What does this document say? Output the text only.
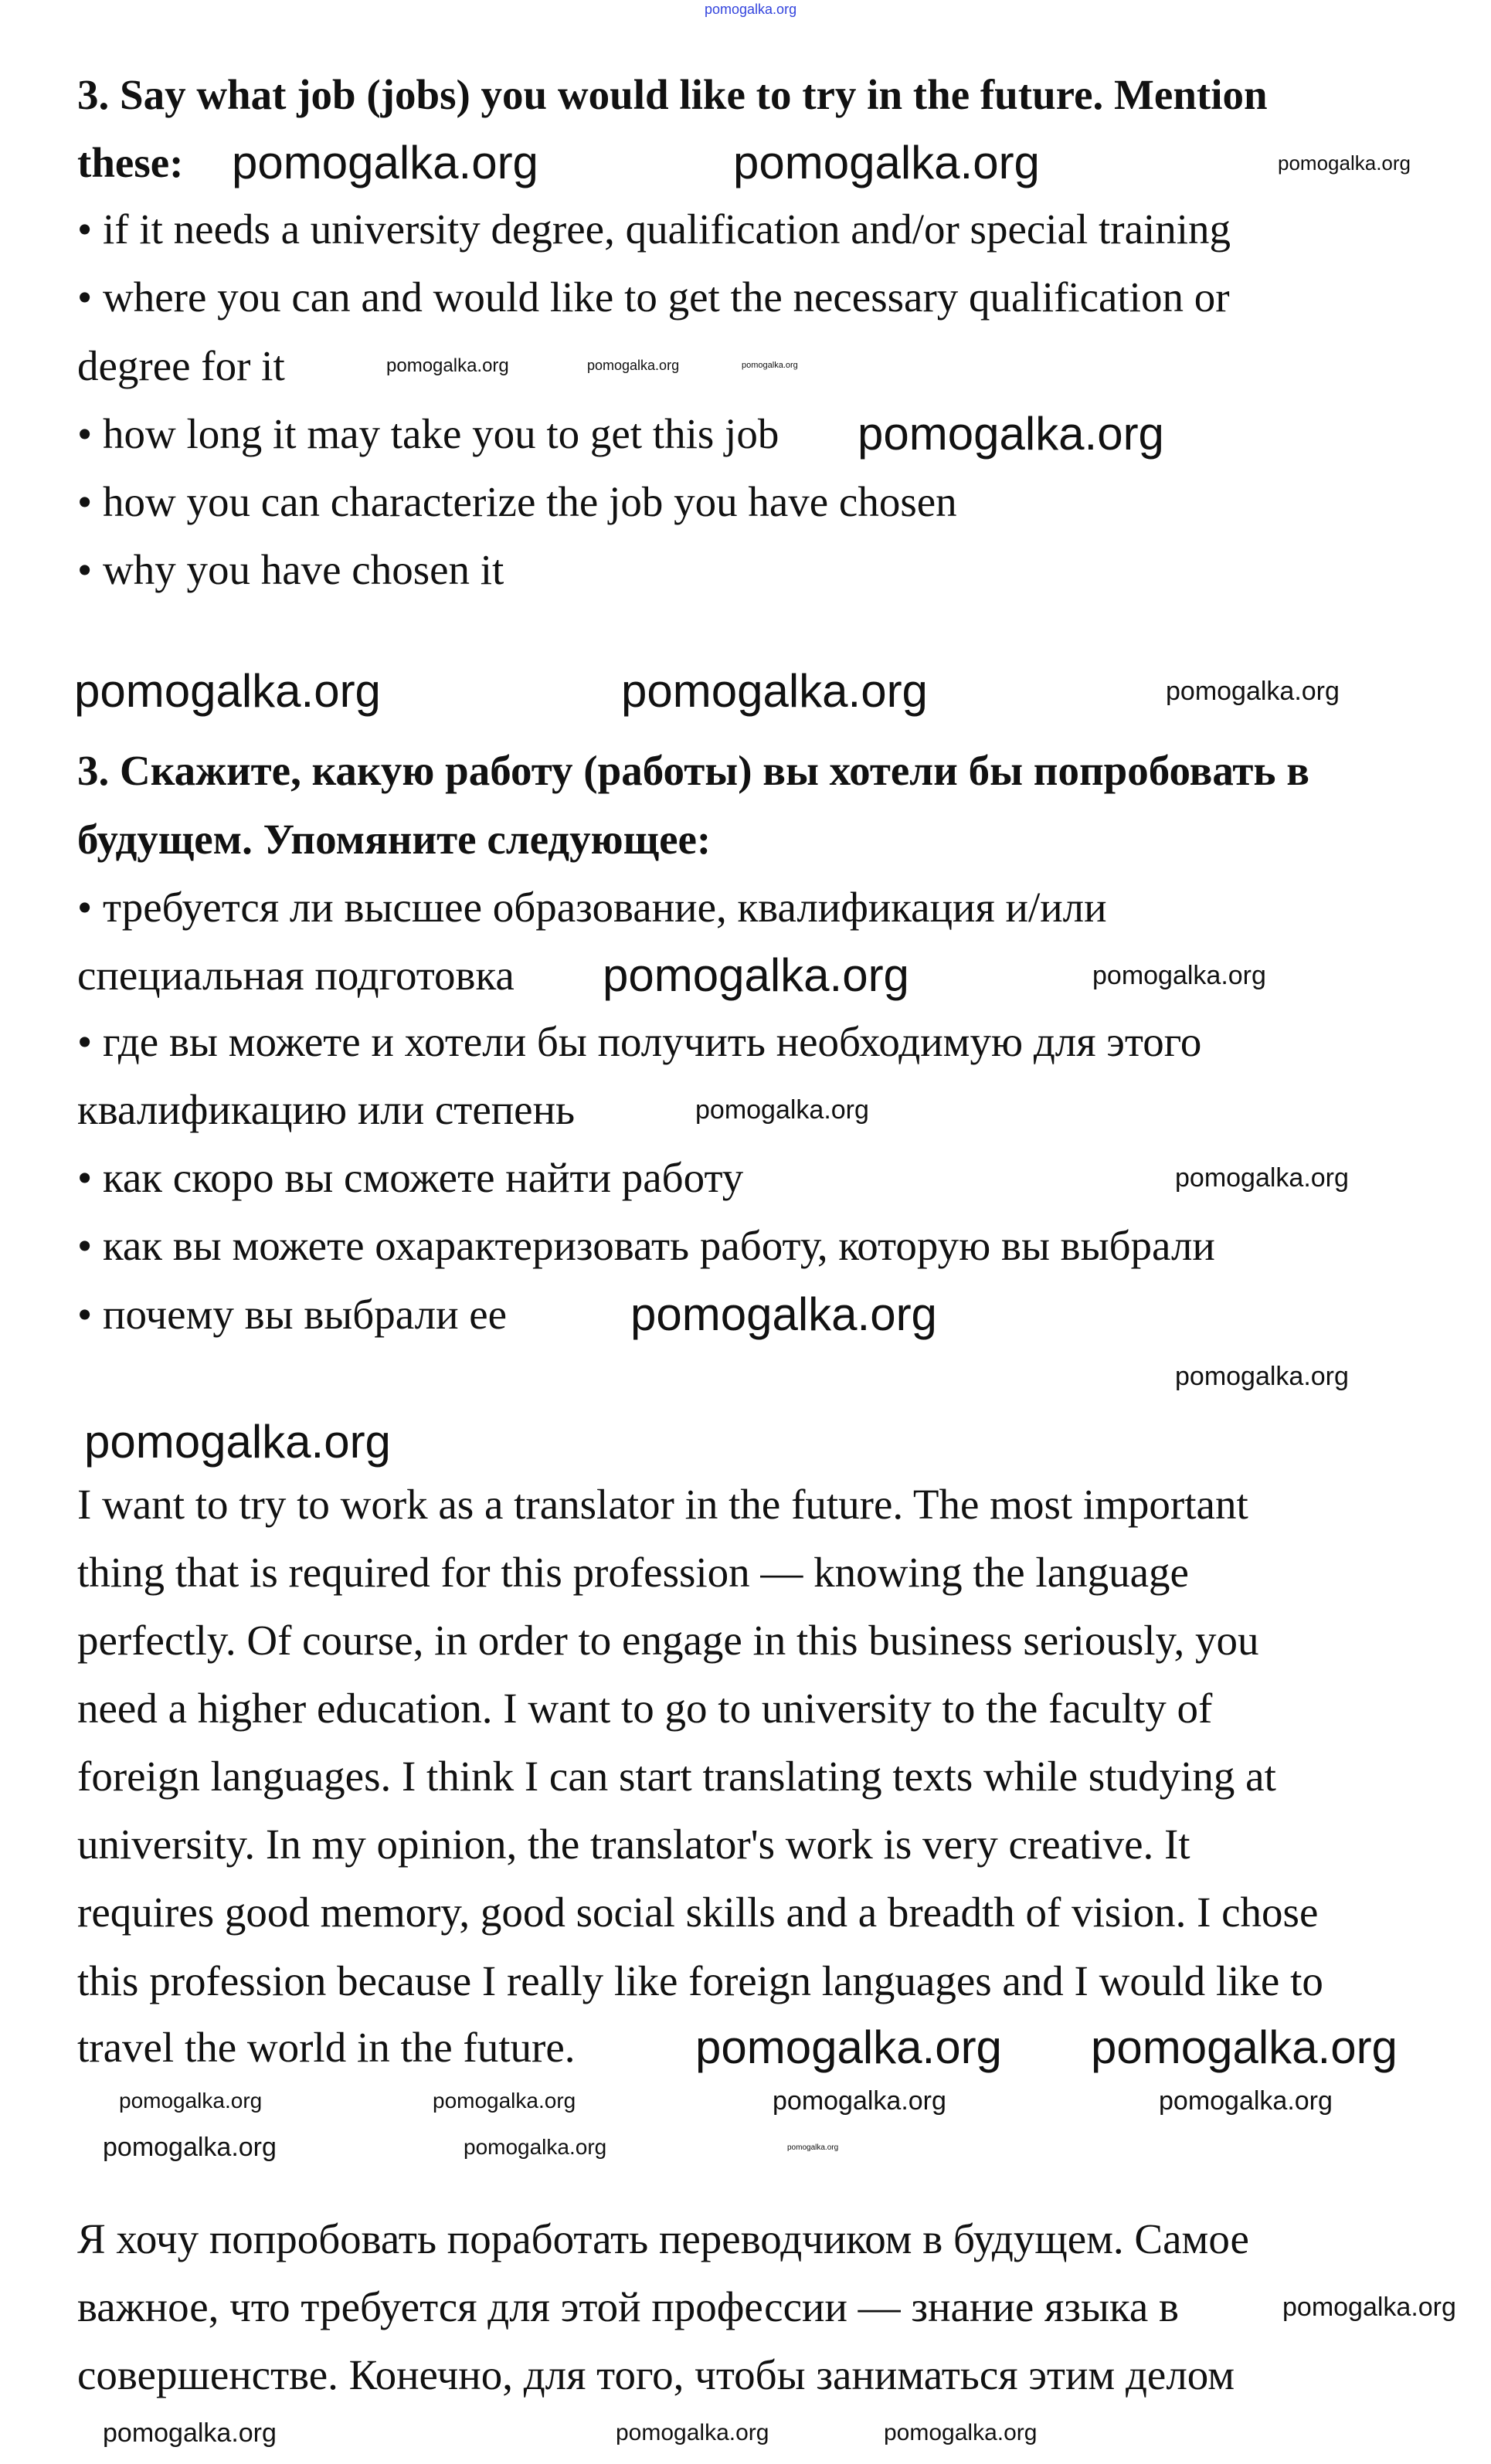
3. Say what job (jobs) you would like to try in the future. Mention
these:
• if it needs a university degree, qualification and/or special training
• where you can and would like to get the necessary qualification or
degree for it
• how long it may take you to get this job
• how you can characterize the job you have chosen
• why you have chosen it
3. Скажите, какую работу (работы) вы хотели бы попробовать в
будущем. Упомяните следующее:
• требуется ли высшее образование, квалификация и/или
специальная подготовка
• где вы можете и хотели бы получить необходимую для этого
квалификацию или степень
• как скоро вы сможете найти работу
• как вы можете охарактеризовать работу, которую вы выбрали
• почему вы выбрали ее
I want to try to work as a translator in the future. The most important
thing that is required for this profession — knowing the language
perfectly. Of course, in order to engage in this business seriously, you
need a higher education. I want to go to university to the faculty of
foreign languages. I think I can start translating texts while studying at
university. In my opinion, the translator's work is very creative. It
requires good memory, good social skills and a breadth of vision. I chose
this profession because I really like foreign languages and I would like to
travel the world in the future.
Я хочу попробовать поработать переводчиком в будущем. Самое
важное, что требуется для этой профессии — знание языка в
совершенстве. Конечно, для того, чтобы заниматься этим делом
pomogalka.org
pomogalka.org	pomogalka.org	pomogalka.org
pomogalka.org	pomogalka.org	pomogalka.org
pomogalka.org
pomogalka.org	pomogalka.org	pomogalka.org
pomogalka.org	pomogalka.org
pomogalka.org
pomogalka.org
pomogalka.org
pomogalka.org
pomogalka.org
pomogalka.org
pomogalka.org
pomogalka.org	pomogalka.org
pomogalka.org
pomogalka.org
pomogalka.org
pomogalka.org
pomogalka.org
pomogalka.org	pomogalka.org	pomogalka.org
pomogalka.org
